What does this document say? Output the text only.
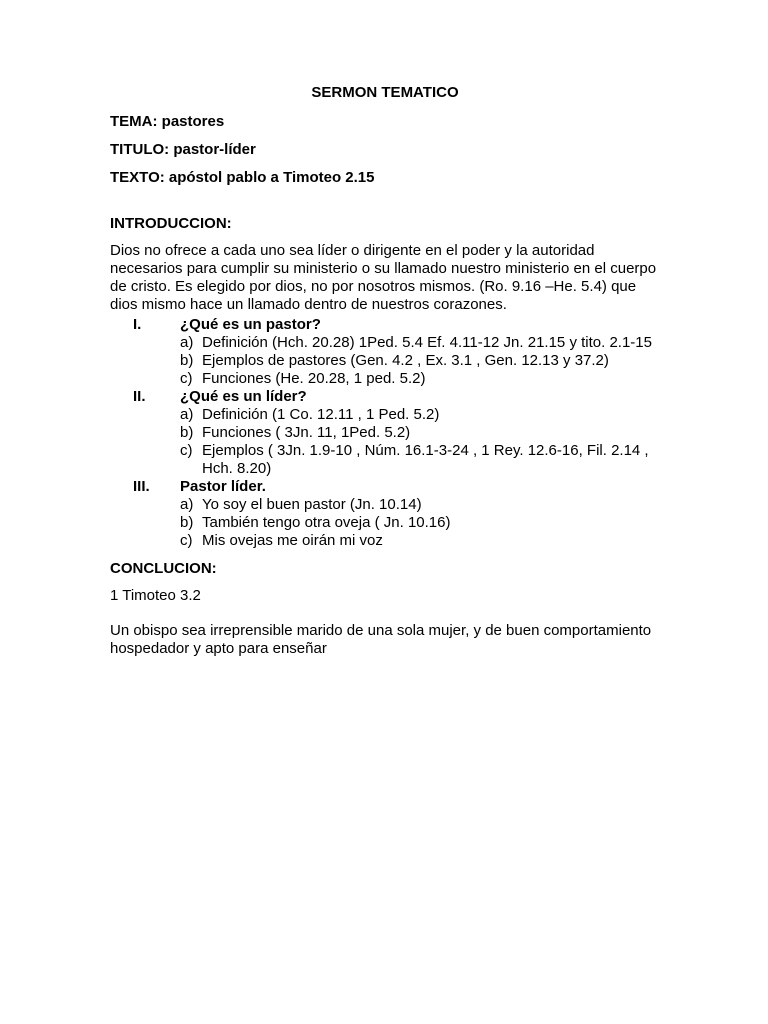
SERMON TEMATICO
TEMA: pastores
TITULO: pastor-líder
TEXTO: apóstol pablo a Timoteo 2.15
INTRODUCCION:
Dios no ofrece a cada uno sea líder o dirigente en el poder y la autoridad necesarios para cumplir su ministerio o su llamado nuestro ministerio en el cuerpo de cristo. Es elegido por dios, no por nosotros mismos. (Ro. 9.16 –He. 5.4) que dios mismo hace un llamado dentro de nuestros corazones.
I.	¿Qué es un pastor?
a) Definición (Hch. 20.28) 1Ped. 5.4 Ef. 4.11-12 Jn. 21.15 y tito. 2.1-15
b) Ejemplos de pastores (Gen. 4.2 , Ex. 3.1 , Gen. 12.13 y 37.2)
c) Funciones (He. 20.28, 1 ped. 5.2)
II. ¿Qué es un líder?
a) Definición (1 Co. 12.11 , 1 Ped. 5.2)
b) Funciones ( 3Jn. 11, 1Ped. 5.2)
c) Ejemplos ( 3Jn. 1.9-10 , Núm. 16.1-3-24 , 1 Rey. 12.6-16, Fil. 2.14 , Hch. 8.20)
III. Pastor líder.
a) Yo soy el buen pastor (Jn. 10.14)
b) También tengo otra oveja ( Jn. 10.16)
c) Mis ovejas me oirán mi voz
CONCLUCION:
1 Timoteo 3.2
Un obispo sea irreprensible marido de una sola mujer, y de buen comportamiento hospedador y apto para enseñar
